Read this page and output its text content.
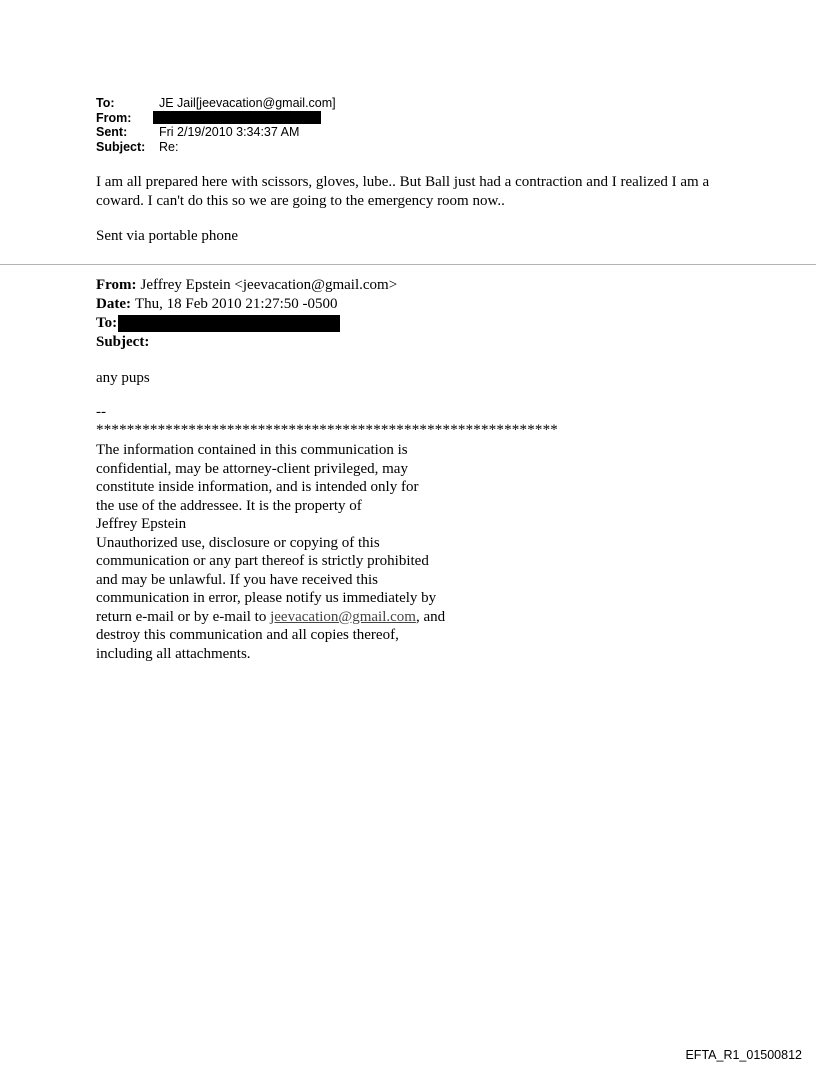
To:	JE Jail[jeevacation@gmail.com]
From:
Sent:	Fri 2/19/2010 3:34:37 AM
Subject:	Re:

I am all prepared here with scissors, gloves, lube.. But Ball just had a contraction and I realized I am a coward. I can't do this so we are going to the emergency room now..

Sent via portable phone

From: Jeffrey Epstein <jeevacation@gmail.com>
Date: Thu, 18 Feb 2010 21:27:50 -0500
To:
Subject:

any pups

--

************************************************************

The information contained in this communication is
confidential, may be attorney-client privileged, may
constitute inside information, and is intended only for
the use of the addressee. It is the property of
Jeffrey Epstein
Unauthorized use, disclosure or copying of this
communication or any part thereof is strictly prohibited
and may be unlawful. If you have received this
communication in error, please notify us immediately by
return e-mail or by e-mail to jeevacation@gmail.com, and
destroy this communication and all copies thereof,
including all attachments.
EFTA_R1_01500812
